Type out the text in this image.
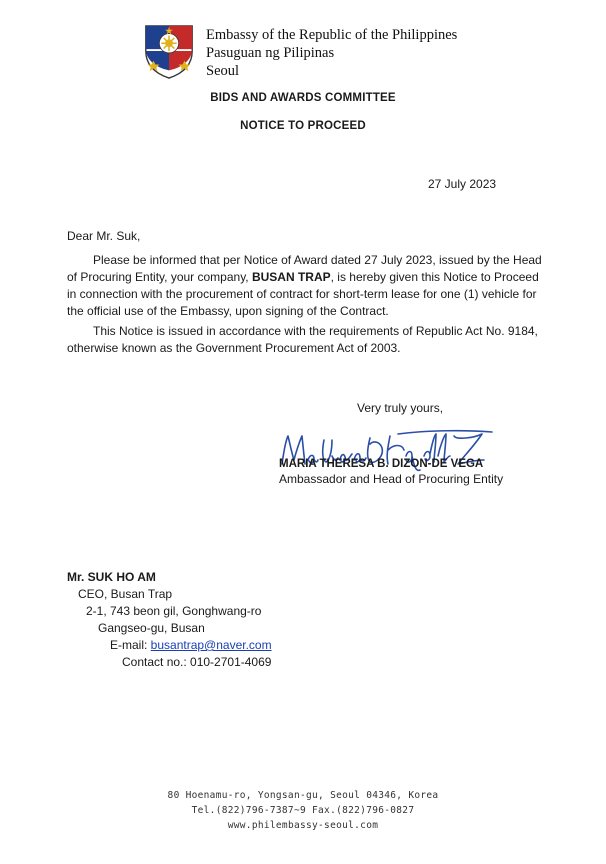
Embassy of the Republic of the Philippines
Pasuguan ng Pilipinas
Seoul
BIDS AND AWARDS COMMITTEE
NOTICE TO PROCEED
27 July 2023
Dear Mr. Suk,
Please be informed that per Notice of Award dated 27 July 2023, issued by the Head of Procuring Entity, your company, BUSAN TRAP, is hereby given this Notice to Proceed in connection with the procurement of contract for short-term lease for one (1) vehicle for the official use of the Embassy, upon signing of the Contract.
This Notice is issued in accordance with the requirements of Republic Act No. 9184, otherwise known as the Government Procurement Act of 2003.
Very truly yours,
MARIA THERESA B. DIZON-DE VEGA
Ambassador and Head of Procuring Entity
Mr. SUK HO AM
CEO, Busan Trap
2-1, 743 beon gil, Gonghwang-ro
Gangseo-gu, Busan
E-mail: busantrap@naver.com
Contact no.: 010-2701-4069
80 Hoenamu-ro, Yongsan-gu, Seoul 04346, Korea
Tel.(822)796-7387~9 Fax.(822)796-0827
www.philembassy-seoul.com
